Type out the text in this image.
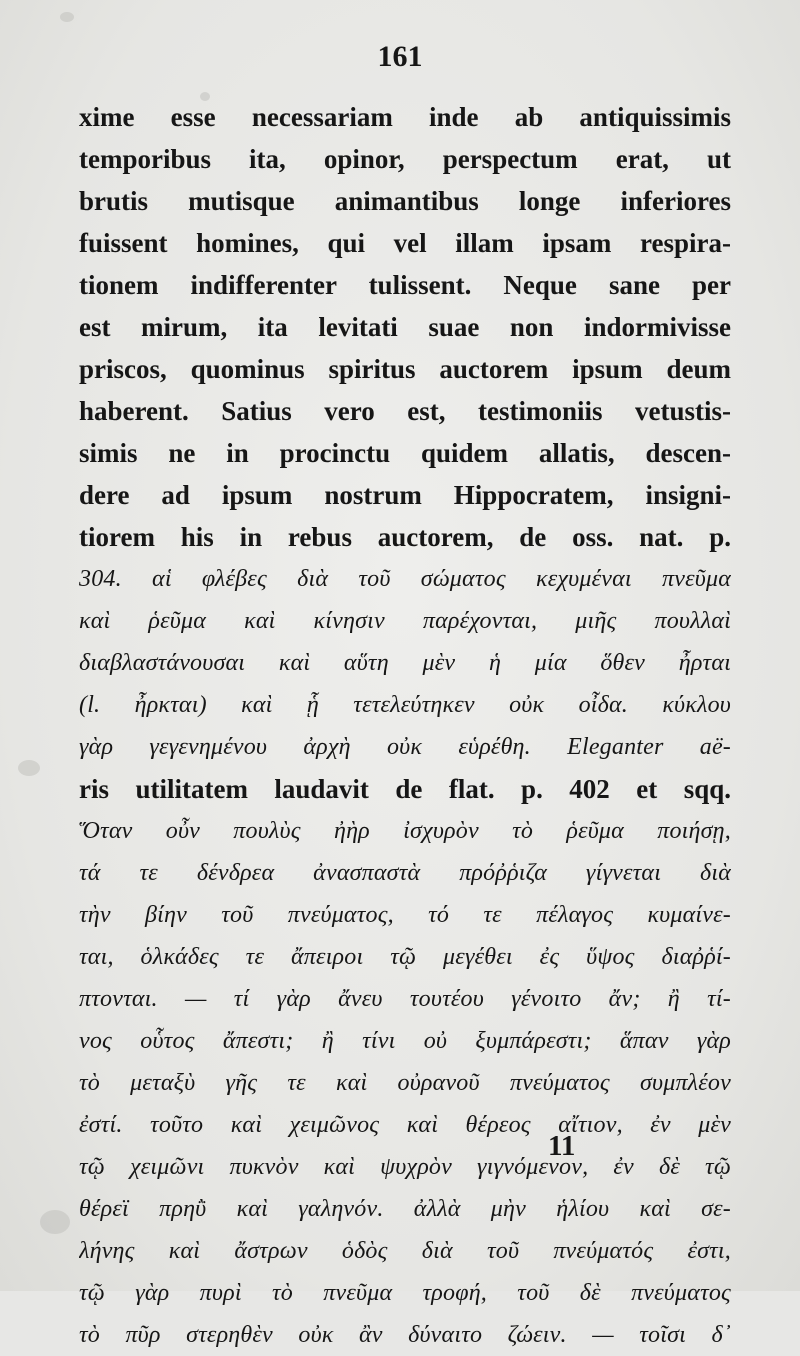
161
xime esse necessariam inde ab antiquissimis
temporibus ita, opinor, perspectum erat, ut
brutis mutisque animantibus longe inferiores
fuissent homines, qui vel illam ipsam respira-
tionem indifferenter tulissent. Neque sane per
est mirum, ita levitati suae non indormivisse
priscos, quominus spiritus auctorem ipsum deum
haberent. Satius vero est, testimoniis vetustis-
simis ne in procinctu quidem allatis, descen-
dere ad ipsum nostrum Hippocratem, insigni-
tiorem his in rebus auctorem, de oss. nat. p.
304. αἱ φλέβες διὰ τοῦ σώματος κεχυμέναι πνεῦμα
καὶ ῥεῦμα καὶ κίνησιν παρέχονται, μιῆς πουλλαὶ
διαβλαστάνουσαι καὶ αὕτη μὲν ἡ μία ὅθεν ἦρται
(l. ἦρκται) καὶ ᾗ τετελεύτηκεν οὐκ οἶδα. κύκλου
γὰρ γεγενημένου ἀρχὴ οὐκ εὑρέθη. Eleganter aë-
ris utilitatem laudavit de flat. p. 402 et sqq.
Ὅταν οὖν πουλὺς ἠὴρ ἰσχυρὸν τὸ ῥεῦμα ποιήσῃ,
τά τε δένδρεα ἀνασπαστὰ πρόῤῥιζα γίγνεται διὰ
τὴν βίην τοῦ πνεύματος, τό τε πέλαγος κυμαίνε-
ται, ὁλκάδες τε ἄπειροι τῷ μεγέθει ἐς ὕψος διαῤῥί-
πτονται. — τί γὰρ ἄνευ τουτέου γένοιτο ἄν; ἢ τί-
νος οὗτος ἄπεστι; ἢ τίνι οὐ ξυμπάρεστι; ἅπαν γὰρ
τὸ μεταξὺ γῆς τε καὶ οὐρανοῦ πνεύματος συμπλέον
ἐστί. τοῦτο καὶ χειμῶνος καὶ θέρεος αἴτιον, ἐν μὲν
τῷ χειμῶνι πυκνὸν καὶ ψυχρὸν γιγνόμενον, ἐν δὲ τῷ
θέρεϊ πρηῢ καὶ γαληνόν. ἀλλὰ μὴν ἡλίου καὶ σε-
λήνης καὶ ἄστρων ὁδὸς διὰ τοῦ πνεύματός ἐστι,
τῷ γὰρ πυρὶ τὸ πνεῦμα τροφή, τοῦ δὲ πνεύματος
τὸ πῦρ στερηθὲν οὐκ ἂν δύναιτο ζώειν. — τοῖσι δ᾽
11
